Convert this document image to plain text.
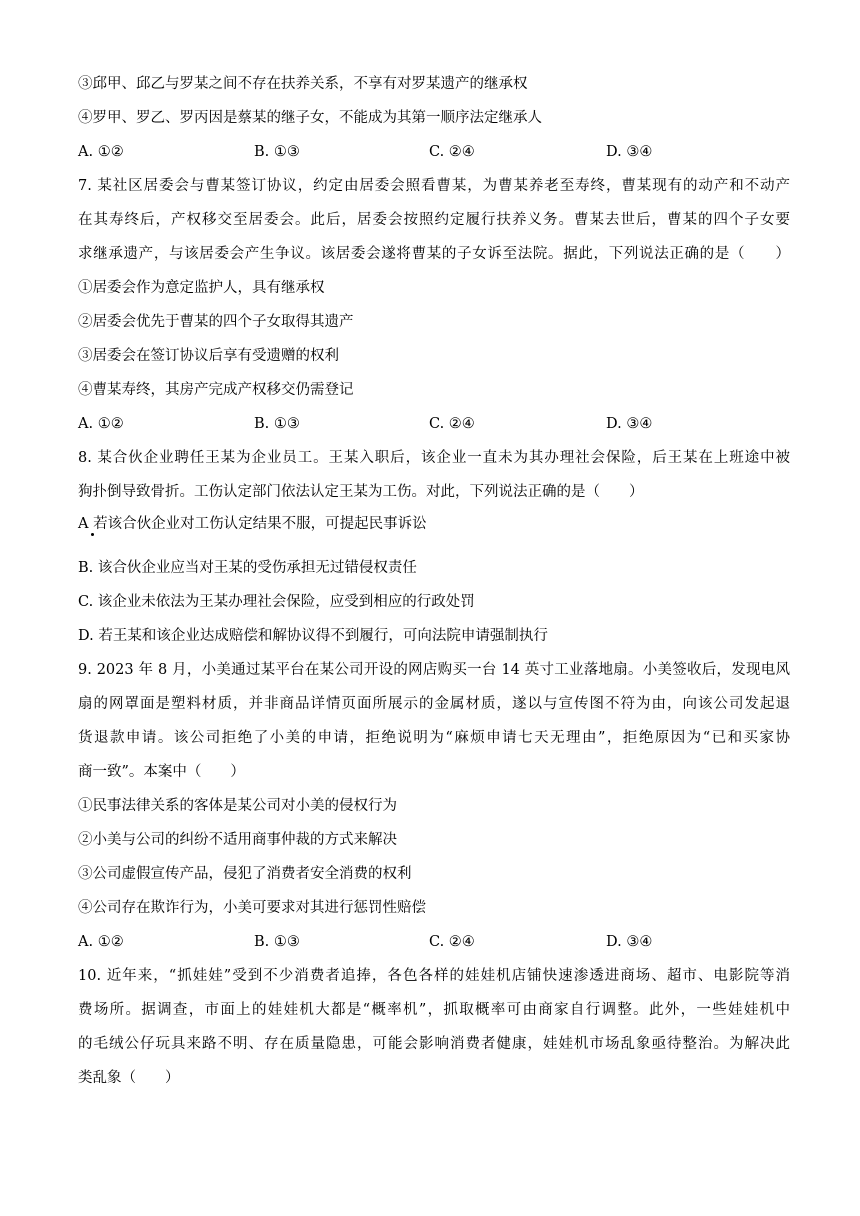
③邱甲、邱乙与罗某之间不存在扶养关系，不享有对罗某遗产的继承权
④罗甲、罗乙、罗丙因是蔡某的继子女，不能成为其第一顺序法定继承人
A. ①②	B. ①③	C. ②④	D. ③④
7. 某社区居委会与曹某签订协议，约定由居委会照看曹某，为曹某养老至寿终，曹某现有的动产和不动产
在其寿终后，产权移交至居委会。此后，居委会按照约定履行扶养义务。曹某去世后，曹某的四个子女要
求继承遗产，与该居委会产生争议。该居委会遂将曹某的子女诉至法院。据此，下列说法正确的是（　　）
①居委会作为意定监护人，具有继承权
②居委会优先于曹某的四个子女取得其遗产
③居委会在签订协议后享有受遗赠的权利
④曹某寿终，其房产完成产权移交仍需登记
A. ①②	B. ①③	C. ②④	D. ③④
8. 某合伙企业聘任王某为企业员工。王某入职后，该企业一直未为其办理社会保险，后王某在上班途中被
狗扑倒导致骨折。工伤认定部门依法认定王某为工伤。对此，下列说法正确的是（　　）
A 若该合伙企业对工伤认定结果不服，可提起民事诉讼
B. 该合伙企业应当对王某的受伤承担无过错侵权责任
C. 该企业未依法为王某办理社会保险，应受到相应的行政处罚
D. 若王某和该企业达成赔偿和解协议得不到履行，可向法院申请强制执行
9. 2023 年 8 月，小美通过某平台在某公司开设的网店购买一台 14 英寸工业落地扇。小美签收后，发现电风
扇的网罩面是塑料材质，并非商品详情页面所展示的金属材质，遂以与宣传图不符为由，向该公司发起退
货退款申请。该公司拒绝了小美的申请，拒绝说明为“麻烦申请七天无理由”，拒绝原因为“已和买家协
商一致”。本案中（　　）
①民事法律关系的客体是某公司对小美的侵权行为
②小美与公司的纠纷不适用商事仲裁的方式来解决
③公司虚假宣传产品，侵犯了消费者安全消费的权利
④公司存在欺诈行为，小美可要求对其进行惩罚性赔偿
A. ①②	B. ①③	C. ②④	D. ③④
10. 近年来，“抓娃娃”受到不少消费者追捧，各色各样的娃娃机店铺快速渗透进商场、超市、电影院等消
费场所。据调查，市面上的娃娃机大都是“概率机”，抓取概率可由商家自行调整。此外，一些娃娃机中
的毛绒公仔玩具来路不明、存在质量隐患，可能会影响消费者健康，娃娃机市场乱象亟待整治。为解决此
类乱象（　　）
